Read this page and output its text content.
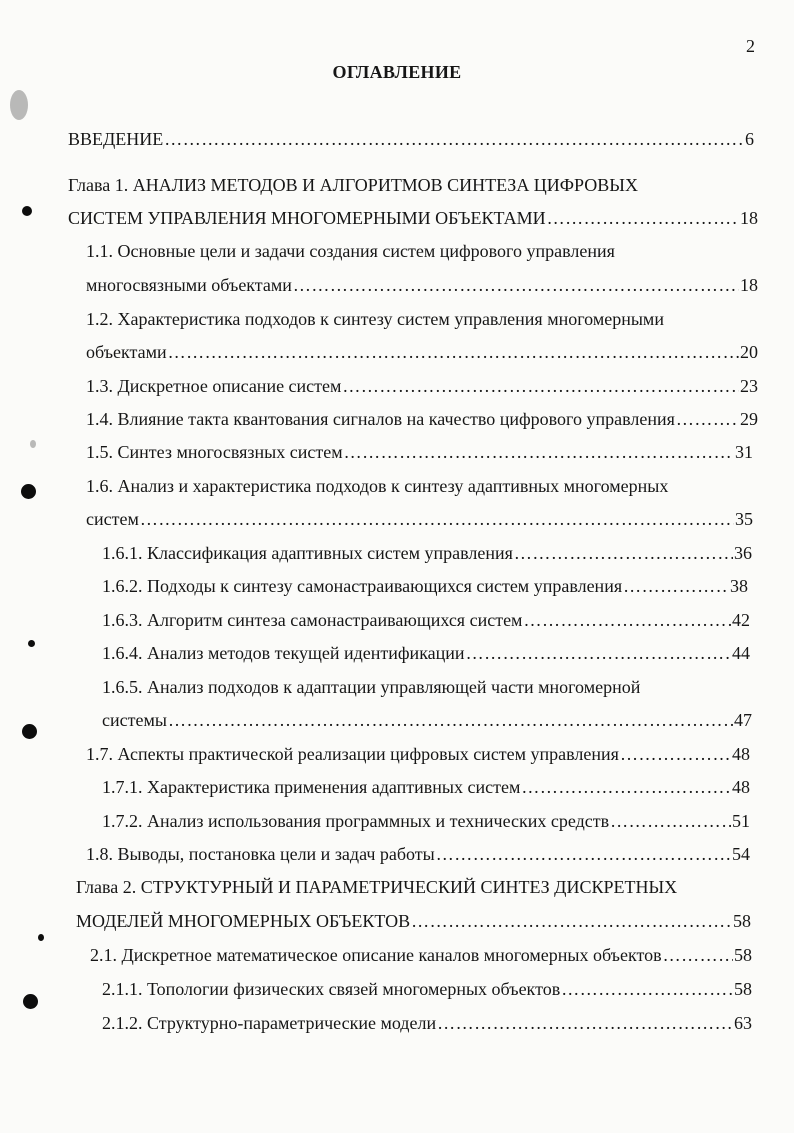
2
ОГЛАВЛЕНИЕ
ВВЕДЕНИЕ ……………………………………………………………………………………………………………………………………………………………………………………………………	6
Глава 1. АНАЛИЗ МЕТОДОВ И АЛГОРИТМОВ СИНТЕЗА ЦИФРОВЫХ
СИСТЕМ УПРАВЛЕНИЯ МНОГОМЕРНЫМИ ОБЪЕКТАМИ ……………………………………………………………………………………………………………………………………………………………………………………………………	18
1.1. Основные цели и задачи создания систем цифрового управления
многосвязными объектами ……………………………………………………………………………………………………………………………………………………………………………………………………	18
1.2. Характеристика подходов к синтезу систем управления многомерными
объектами ……………………………………………………………………………………………………………………………………………………………………………………………………	20
1.3. Дискретное описание систем ……………………………………………………………………………………………………………………………………………………………………………………………………	23
1.4. Влияние такта квантования сигналов на качество цифрового управления ……………………………………………………………………………………………………………………………………………………………………………………………………	29
1.5. Синтез многосвязных систем ……………………………………………………………………………………………………………………………………………………………………………………………………	31
1.6. Анализ и характеристика подходов к синтезу адаптивных многомерных
систем ……………………………………………………………………………………………………………………………………………………………………………………………………	35
1.6.1. Классификация адаптивных систем управления ……………………………………………………………………………………………………………………………………………………………………………………………………	36
1.6.2. Подходы к синтезу самонастраивающихся систем управления ……………………………………………………………………………………………………………………………………………………………………………………………………	38
1.6.3. Алгоритм синтеза самонастраивающихся систем ……………………………………………………………………………………………………………………………………………………………………………………………………	42
1.6.4. Анализ методов текущей идентификации ……………………………………………………………………………………………………………………………………………………………………………………………………	44
1.6.5. Анализ подходов к адаптации управляющей части многомерной
системы ……………………………………………………………………………………………………………………………………………………………………………………………………	47
1.7. Аспекты практической реализации цифровых систем управления ……………………………………………………………………………………………………………………………………………………………………………………………………	48
1.7.1. Характеристика применения адаптивных систем ……………………………………………………………………………………………………………………………………………………………………………………………………	48
1.7.2. Анализ использования программных и технических средств ……………………………………………………………………………………………………………………………………………………………………………………………………	51
1.8. Выводы, постановка цели и задач работы ……………………………………………………………………………………………………………………………………………………………………………………………………	54
Глава 2. СТРУКТУРНЫЙ И ПАРАМЕТРИЧЕСКИЙ СИНТЕЗ ДИСКРЕТНЫХ
МОДЕЛЕЙ МНОГОМЕРНЫХ ОБЪЕКТОВ ……………………………………………………………………………………………………………………………………………………………………………………………………	58
2.1. Дискретное математическое описание каналов многомерных объектов ……………………………………………………………………………………………………………………………………………………………………………………………………	58
2.1.1. Топологии физических связей многомерных объектов ……………………………………………………………………………………………………………………………………………………………………………………………………	58
2.1.2. Структурно-параметрические модели ……………………………………………………………………………………………………………………………………………………………………………………………………	63
